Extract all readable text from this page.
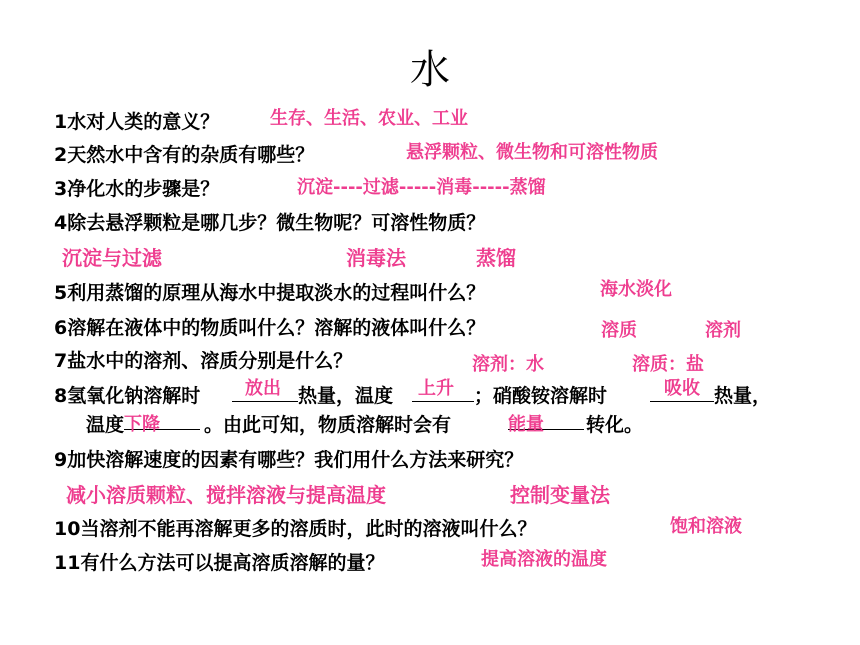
水
1水对人类的意义？	生存、生活、农业、工业
2天然水中含有的杂质有哪些？	悬浮颗粒、微生物和可溶性物质
3净化水的步骤是？	沉淀----过滤-----消毒-----蒸馏
4除去悬浮颗粒是哪几步？微生物呢？可溶性物质？
沉淀与过滤	消毒法	蒸馏
5利用蒸馏的原理从海水中提取淡水的过程叫什么？	海水淡化
6溶解在液体中的物质叫什么？溶解的液体叫什么？	溶质	溶剂
7盐水中的溶剂、溶质分别是什么？	溶剂：水	溶质：盐
8氢氧化钠溶解时	热量，温度	；硝酸铵溶解时	热量，
放出	上升	吸收
温度	。由此可知，物质溶解时会有	转化。
下降	能量
9加快溶解速度的因素有哪些？我们用什么方法来研究？
减小溶质颗粒、搅拌溶液与提高温度	控制变量法
10当溶剂不能再溶解更多的溶质时，此时的溶液叫什么？	饱和溶液
11有什么方法可以提高溶质溶解的量？	提高溶液的温度
